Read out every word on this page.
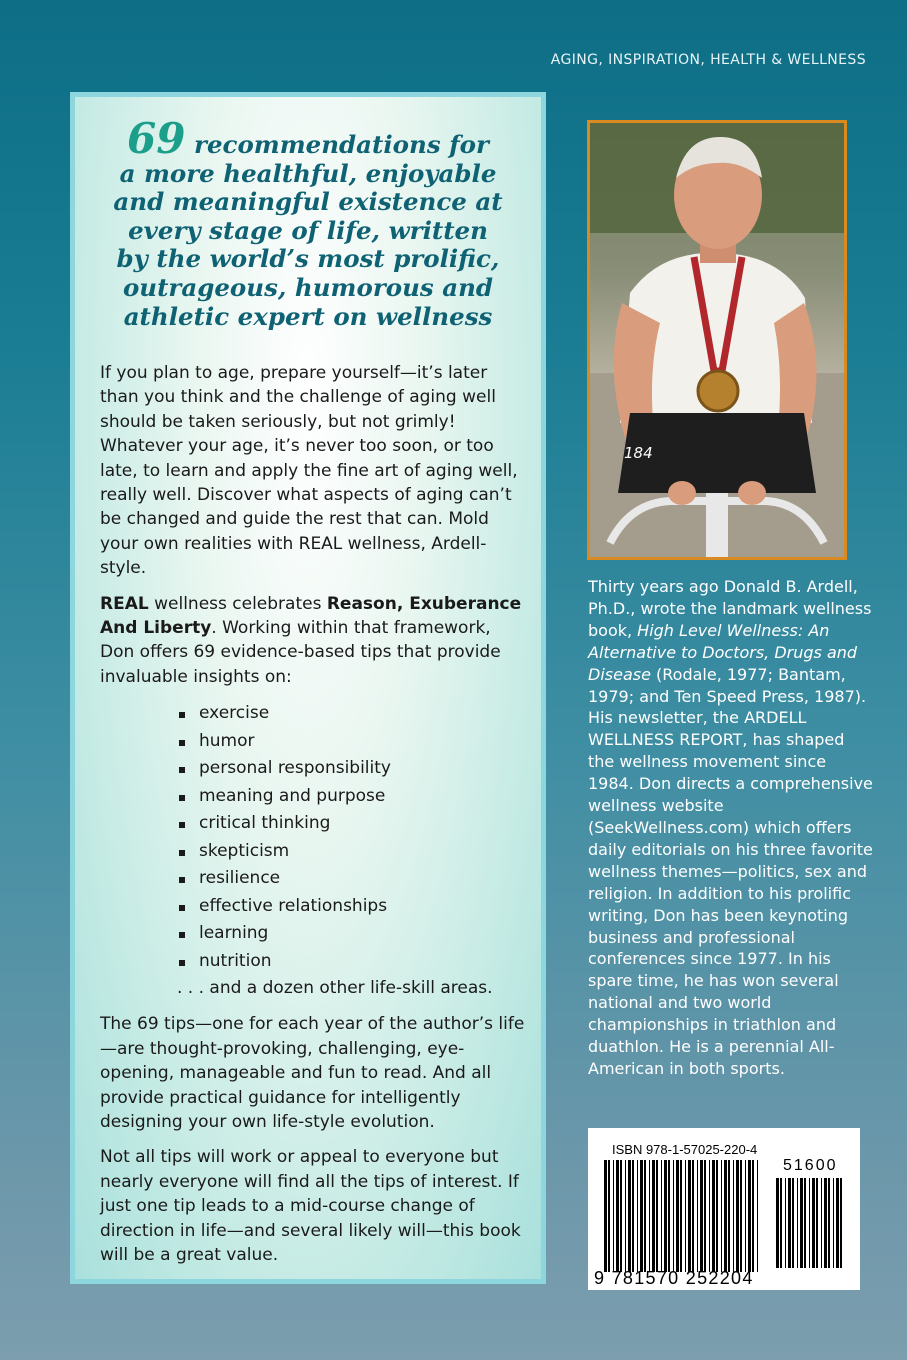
AGING, INSPIRATION, HEALTH & WELLNESS
69 recommendations for
a more healthful, enjoyable
and meaningful existence at
every stage of life, written
by the world’s most prolific,
outrageous, humorous and
athletic expert on wellness

If you plan to age, prepare yourself—it’s later than you think and the challenge of aging well should be taken seriously, but not grimly! Whatever your age, it’s never too soon, or too late, to learn and apply the fine art of aging well, really well. Discover what aspects of aging can’t be changed and guide the rest that can. Mold your own realities with REAL wellness, Ardell-style.

REAL wellness celebrates Reason, Exuberance And Liberty. Working within that framework, Don offers 69 evidence-based tips that provide invaluable insights on:

exercise
humor
personal responsibility
meaning and purpose
critical thinking
skepticism
resilience
effective relationships
learning
nutrition
. . . and a dozen other life-skill areas.

The 69 tips—one for each year of the author’s life—are thought-provoking, challenging, eye-opening, manageable and fun to read. And all provide practical guidance for intelligently designing your own life-style evolution.

Not all tips will work or appeal to everyone but nearly everyone will find all the tips of interest. If just one tip leads to a mid-course change of direction in life—and several likely will—this book will be a great value.

184
Thirty years ago Donald B. Ardell, Ph.D., wrote the landmark wellness book, High Level Wellness: An Alternative to Doctors, Drugs and Disease (Rodale, 1977; Bantam, 1979; and Ten Speed Press, 1987). His newsletter, the ARDELL WELLNESS REPORT, has shaped the wellness movement since 1984. Don directs a comprehensive wellness website (SeekWellness.com) which offers daily editorials on his three favorite wellness themes—politics, sex and religion. In addition to his prolific writing, Don has been keynoting business and professional conferences since 1977. In his spare time, he has won several national and two world championships in triathlon and duathlon. He is a perennial All-American in both sports.
ISBN 978-1-57025-220-4
51600
9 781570 252204
